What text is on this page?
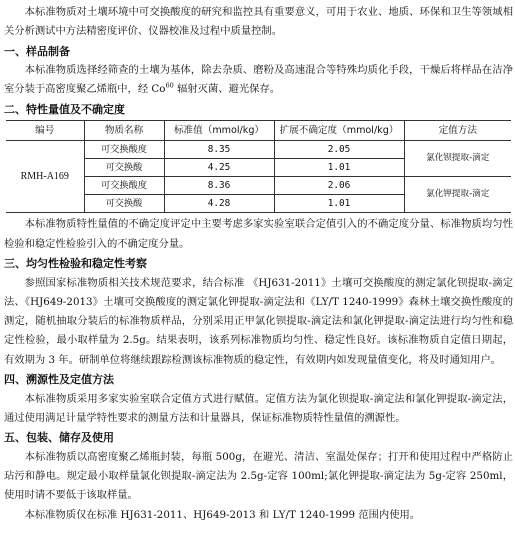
本标准物质对土壤环境中可交换酸度的研究和监控具有重要意义，可用于农业、地质、环保和卫生等领域相关分析测试中方法精密度评价、仪器校准及过程中质量控制。

一、样品制备

本标准物质选择经筛查的土壤为基体，除去杂质、磨粉及高速混合等特殊均质化手段，干燥后将样品在洁净室分装于高密度聚乙烯瓶中，经 Co$^{60}$ 辐射灭菌、避光保存。

二、特性量值及不确定度
编号	物质名称	标准值（mmol/kg）	扩展不确定度（mmol/kg）	定值方法
RMH-A169	可交换酸度	8.35	2.05	氯化钡提取-滴定
	可交换酸	4.25	1.01	
	可交换酸度	8.36	2.06	氯化钾提取-滴定
	可交换酸	4.28	1.01	

本标准物质特性量值的不确定度评定中主要考虑多家实验室联合定值引入的不确定度分量、标准物质均匀性检验和稳定性检验引入的不确定度分量。

三、均匀性检验和稳定性考察

参照国家标准物质相关技术规范要求，结合标准 《HJ631-2011》土壤可交换酸度的测定氯化钡提取-滴定法、《HJ649-2013》土壤可交换酸度的测定氯化钾提取-滴定法和《LY/T 1240-1999》森林土壤交换性酸度的测定，随机抽取分装后的标准物质样品，分别采用正甲氯化钡提取-滴定法和氯化钾提取-滴定法进行均匀性和稳定性检验，最小取样量为 2.5g。结果表明，该系列标准物质均匀性、稳定性良好。该标准物质自定值日期起，有效期为 3 年。研制单位将继续跟踪检测该标准物质的稳定性，有效期内如发现量值变化，将及时通知用户。

四、溯源性及定值方法

本标准物质采用多家实验室联合定值方式进行赋值。定值方法为氯化钡提取-滴定法和氯化钾提取-滴定法，通过使用满足计量学特性要求的测量方法和计量器具，保证标准物质特性量值的溯源性。

五、包装、储存及使用

本标准物质以高密度聚乙烯瓶封装，每瓶 500g，在避光、清洁、室温处保存；打开和使用过程中严格防止玷污和静电。规定最小取样量氯化钡提取-滴定法为 2.5g-定容 100ml;氯化钾提取-滴定法为 5g-定容 250ml，使用时请不要低于该取样量。

本标准物质仅在标准 HJ631-2011、HJ649-2013 和 LY/T 1240-1999 范围内使用。
